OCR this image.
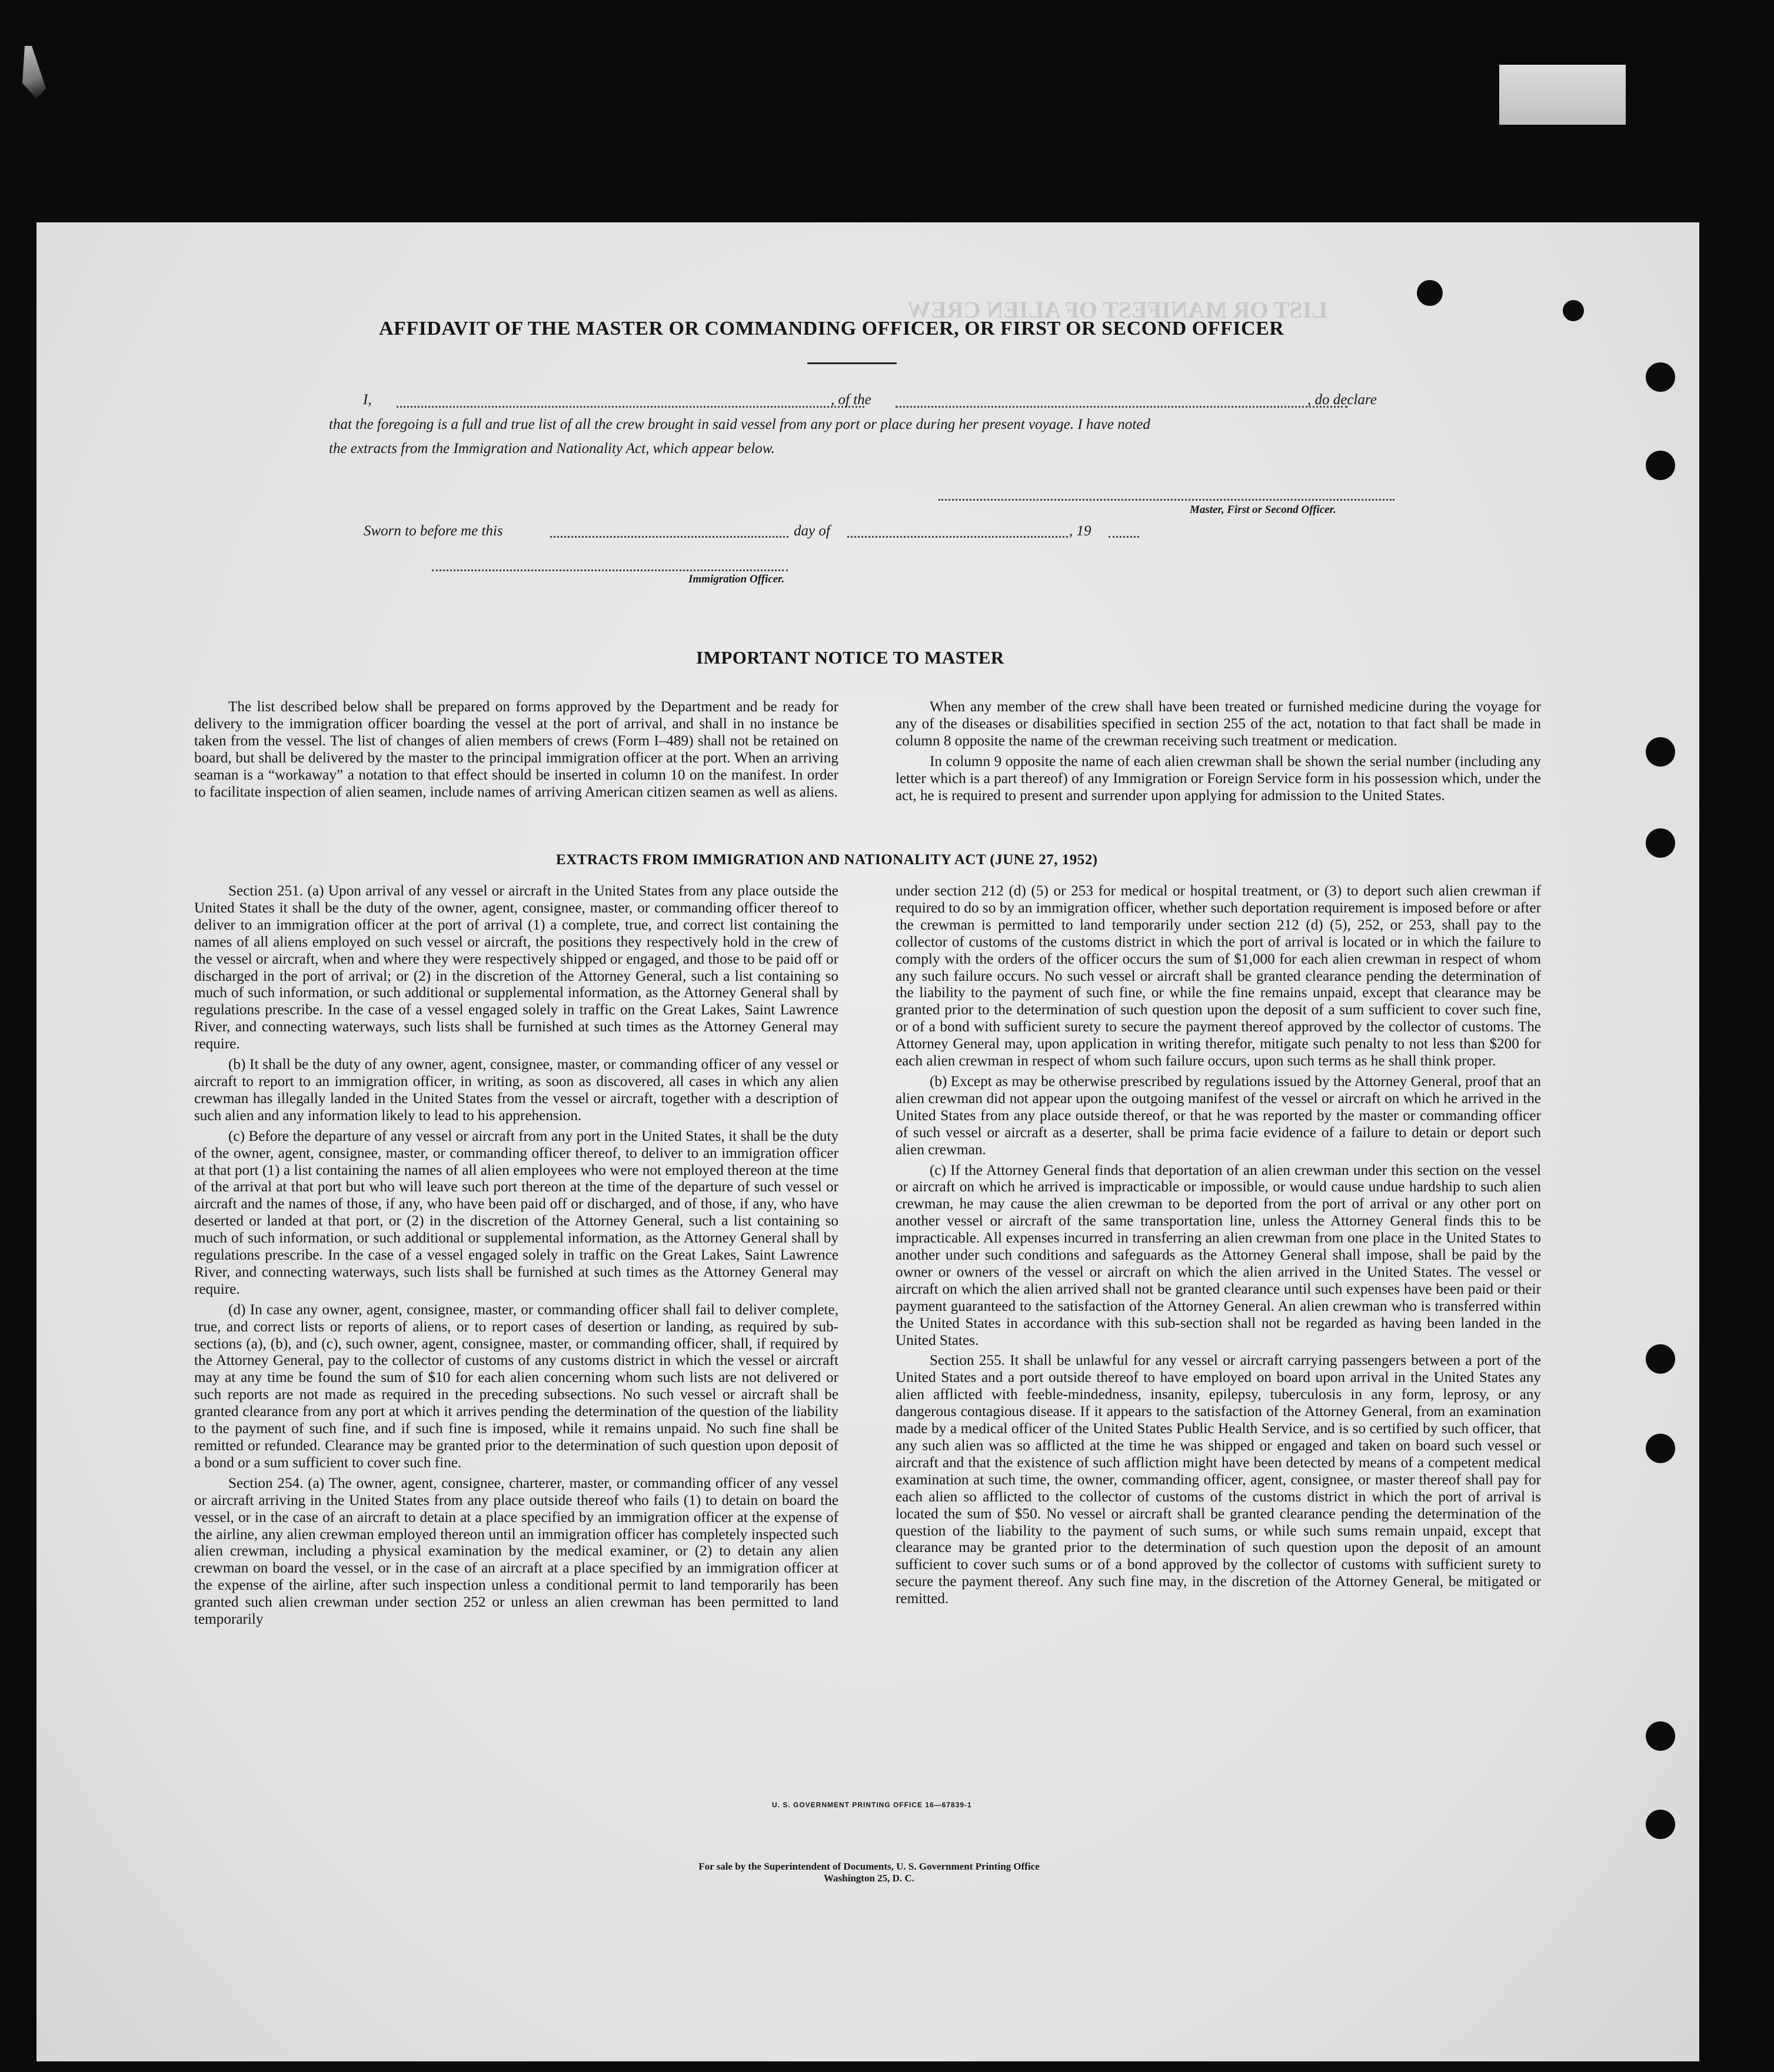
LIST OR MANIFEST OF ALIEN CREW
AFFIDAVIT OF THE MASTER OR COMMANDING OFFICER, OR FIRST OR SECOND OFFICER
I,	, of the	, do declare
that the foregoing is a full and true list of all the crew brought in said vessel from any port or place during her present voyage. I have noted
the extracts from the Immigration and Nationality Act, which appear below.
Master, First or Second Officer.
Sworn to before me this	day of	, 19
Immigration Officer.
IMPORTANT NOTICE TO MASTER

The list described below shall be prepared on forms approved by the Department and be ready for delivery to the immigration officer boarding the vessel at the port of arrival, and shall in no instance be taken from the vessel. The list of changes of alien members of crews (Form I–489) shall not be retained on board, but shall be delivered by the master to the principal immigration officer at the port. When an arriving seaman is a “workaway” a notation to that effect should be inserted in column 10 on the manifest. In order to facilitate inspection of alien seamen, include names of arriving American citizen seamen as well as aliens.

When any member of the crew shall have been treated or furnished medicine during the voyage for any of the diseases or disabilities specified in section 255 of the act, notation to that fact shall be made in column 8 opposite the name of the crewman receiving such treatment or medication.

In column 9 opposite the name of each alien crewman shall be shown the serial number (including any letter which is a part thereof) of any Immigration or Foreign Service form in his possession which, under the act, he is required to present and surrender upon applying for admission to the United States.

EXTRACTS FROM IMMIGRATION AND NATIONALITY ACT (JUNE 27, 1952)

Section 251. (a) Upon arrival of any vessel or aircraft in the United States from any place outside the United States it shall be the duty of the owner, agent, consignee, master, or commanding officer thereof to deliver to an immigration officer at the port of arrival (1) a complete, true, and correct list containing the names of all aliens employed on such vessel or aircraft, the positions they respectively hold in the crew of the vessel or aircraft, when and where they were respectively shipped or engaged, and those to be paid off or discharged in the port of arrival; or (2) in the discretion of the Attorney General, such a list containing so much of such information, or such additional or supplemental information, as the Attorney General shall by regulations prescribe. In the case of a vessel engaged solely in traffic on the Great Lakes, Saint Lawrence River, and connecting waterways, such lists shall be furnished at such times as the Attorney General may require.

(b) It shall be the duty of any owner, agent, consignee, master, or commanding officer of any vessel or aircraft to report to an immigration officer, in writing, as soon as discovered, all cases in which any alien crewman has illegally landed in the United States from the vessel or aircraft, together with a description of such alien and any information likely to lead to his apprehension.

(c) Before the departure of any vessel or aircraft from any port in the United States, it shall be the duty of the owner, agent, consignee, master, or commanding officer thereof, to deliver to an immigration officer at that port (1) a list containing the names of all alien employees who were not employed thereon at the time of the arrival at that port but who will leave such port thereon at the time of the departure of such vessel or aircraft and the names of those, if any, who have been paid off or discharged, and of those, if any, who have deserted or landed at that port, or (2) in the discretion of the Attorney General, such a list containing so much of such information, or such additional or supplemental information, as the Attorney General shall by regulations prescribe. In the case of a vessel engaged solely in traffic on the Great Lakes, Saint Lawrence River, and connecting waterways, such lists shall be furnished at such times as the Attorney General may require.

(d) In case any owner, agent, consignee, master, or commanding officer shall fail to deliver complete, true, and correct lists or reports of aliens, or to report cases of desertion or landing, as required by sub-sections (a), (b), and (c), such owner, agent, consignee, master, or commanding officer, shall, if required by the Attorney General, pay to the collector of customs of any customs district in which the vessel or aircraft may at any time be found the sum of $10 for each alien concerning whom such lists are not delivered or such reports are not made as required in the preceding subsections. No such vessel or aircraft shall be granted clearance from any port at which it arrives pending the determination of the question of the liability to the payment of such fine, and if such fine is imposed, while it remains unpaid. No such fine shall be remitted or refunded. Clearance may be granted prior to the determination of such question upon deposit of a bond or a sum sufficient to cover such fine.

Section 254. (a) The owner, agent, consignee, charterer, master, or commanding officer of any vessel or aircraft arriving in the United States from any place outside thereof who fails (1) to detain on board the vessel, or in the case of an aircraft to detain at a place specified by an immigration officer at the expense of the airline, any alien crewman employed thereon until an immigration officer has completely inspected such alien crewman, including a physical examination by the medical examiner, or (2) to detain any alien crewman on board the vessel, or in the case of an aircraft at a place specified by an immigration officer at the expense of the airline, after such inspection unless a conditional permit to land temporarily has been granted such alien crewman under section 252 or unless an alien crewman has been permitted to land temporarily

under section 212 (d) (5) or 253 for medical or hospital treatment, or (3) to deport such alien crewman if required to do so by an immigration officer, whether such deportation requirement is imposed before or after the crewman is permitted to land temporarily under section 212 (d) (5), 252, or 253, shall pay to the collector of customs of the customs district in which the port of arrival is located or in which the failure to comply with the orders of the officer occurs the sum of $1,000 for each alien crewman in respect of whom any such failure occurs. No such vessel or aircraft shall be granted clearance pending the determination of the liability to the payment of such fine, or while the fine remains unpaid, except that clearance may be granted prior to the determination of such question upon the deposit of a sum sufficient to cover such fine, or of a bond with sufficient surety to secure the payment thereof approved by the collector of customs. The Attorney General may, upon application in writing therefor, mitigate such penalty to not less than $200 for each alien crewman in respect of whom such failure occurs, upon such terms as he shall think proper.

(b) Except as may be otherwise prescribed by regulations issued by the Attorney General, proof that an alien crewman did not appear upon the outgoing manifest of the vessel or aircraft on which he arrived in the United States from any place outside thereof, or that he was reported by the master or commanding officer of such vessel or aircraft as a deserter, shall be prima facie evidence of a failure to detain or deport such alien crewman.

(c) If the Attorney General finds that deportation of an alien crewman under this section on the vessel or aircraft on which he arrived is impracticable or impossible, or would cause undue hardship to such alien crewman, he may cause the alien crewman to be deported from the port of arrival or any other port on another vessel or aircraft of the same transportation line, unless the Attorney General finds this to be impracticable. All expenses incurred in transferring an alien crewman from one place in the United States to another under such conditions and safeguards as the Attorney General shall impose, shall be paid by the owner or owners of the vessel or aircraft on which the alien arrived in the United States. The vessel or aircraft on which the alien arrived shall not be granted clearance until such expenses have been paid or their payment guaranteed to the satisfaction of the Attorney General. An alien crewman who is transferred within the United States in accordance with this sub-section shall not be regarded as having been landed in the United States.

Section 255. It shall be unlawful for any vessel or aircraft carrying passengers between a port of the United States and a port outside thereof to have employed on board upon arrival in the United States any alien afflicted with feeble-mindedness, insanity, epilepsy, tuberculosis in any form, leprosy, or any dangerous contagious disease. If it appears to the satisfaction of the Attorney General, from an examination made by a medical officer of the United States Public Health Service, and is so certified by such officer, that any such alien was so afflicted at the time he was shipped or engaged and taken on board such vessel or aircraft and that the existence of such affliction might have been detected by means of a competent medical examination at such time, the owner, commanding officer, agent, consignee, or master thereof shall pay for each alien so afflicted to the collector of customs of the customs district in which the port of arrival is located the sum of $50. No vessel or aircraft shall be granted clearance pending the determination of the question of the liability to the payment of such sums, or while such sums remain unpaid, except that clearance may be granted prior to the determination of such question upon the deposit of an amount sufficient to cover such sums or of a bond approved by the collector of customs with sufficient surety to secure the payment thereof. Any such fine may, in the discretion of the Attorney General, be mitigated or remitted.

U. S. GOVERNMENT PRINTING OFFICE 16—67839-1
For sale by the Superintendent of Documents, U. S. Government Printing Office
Washington 25, D. C.
